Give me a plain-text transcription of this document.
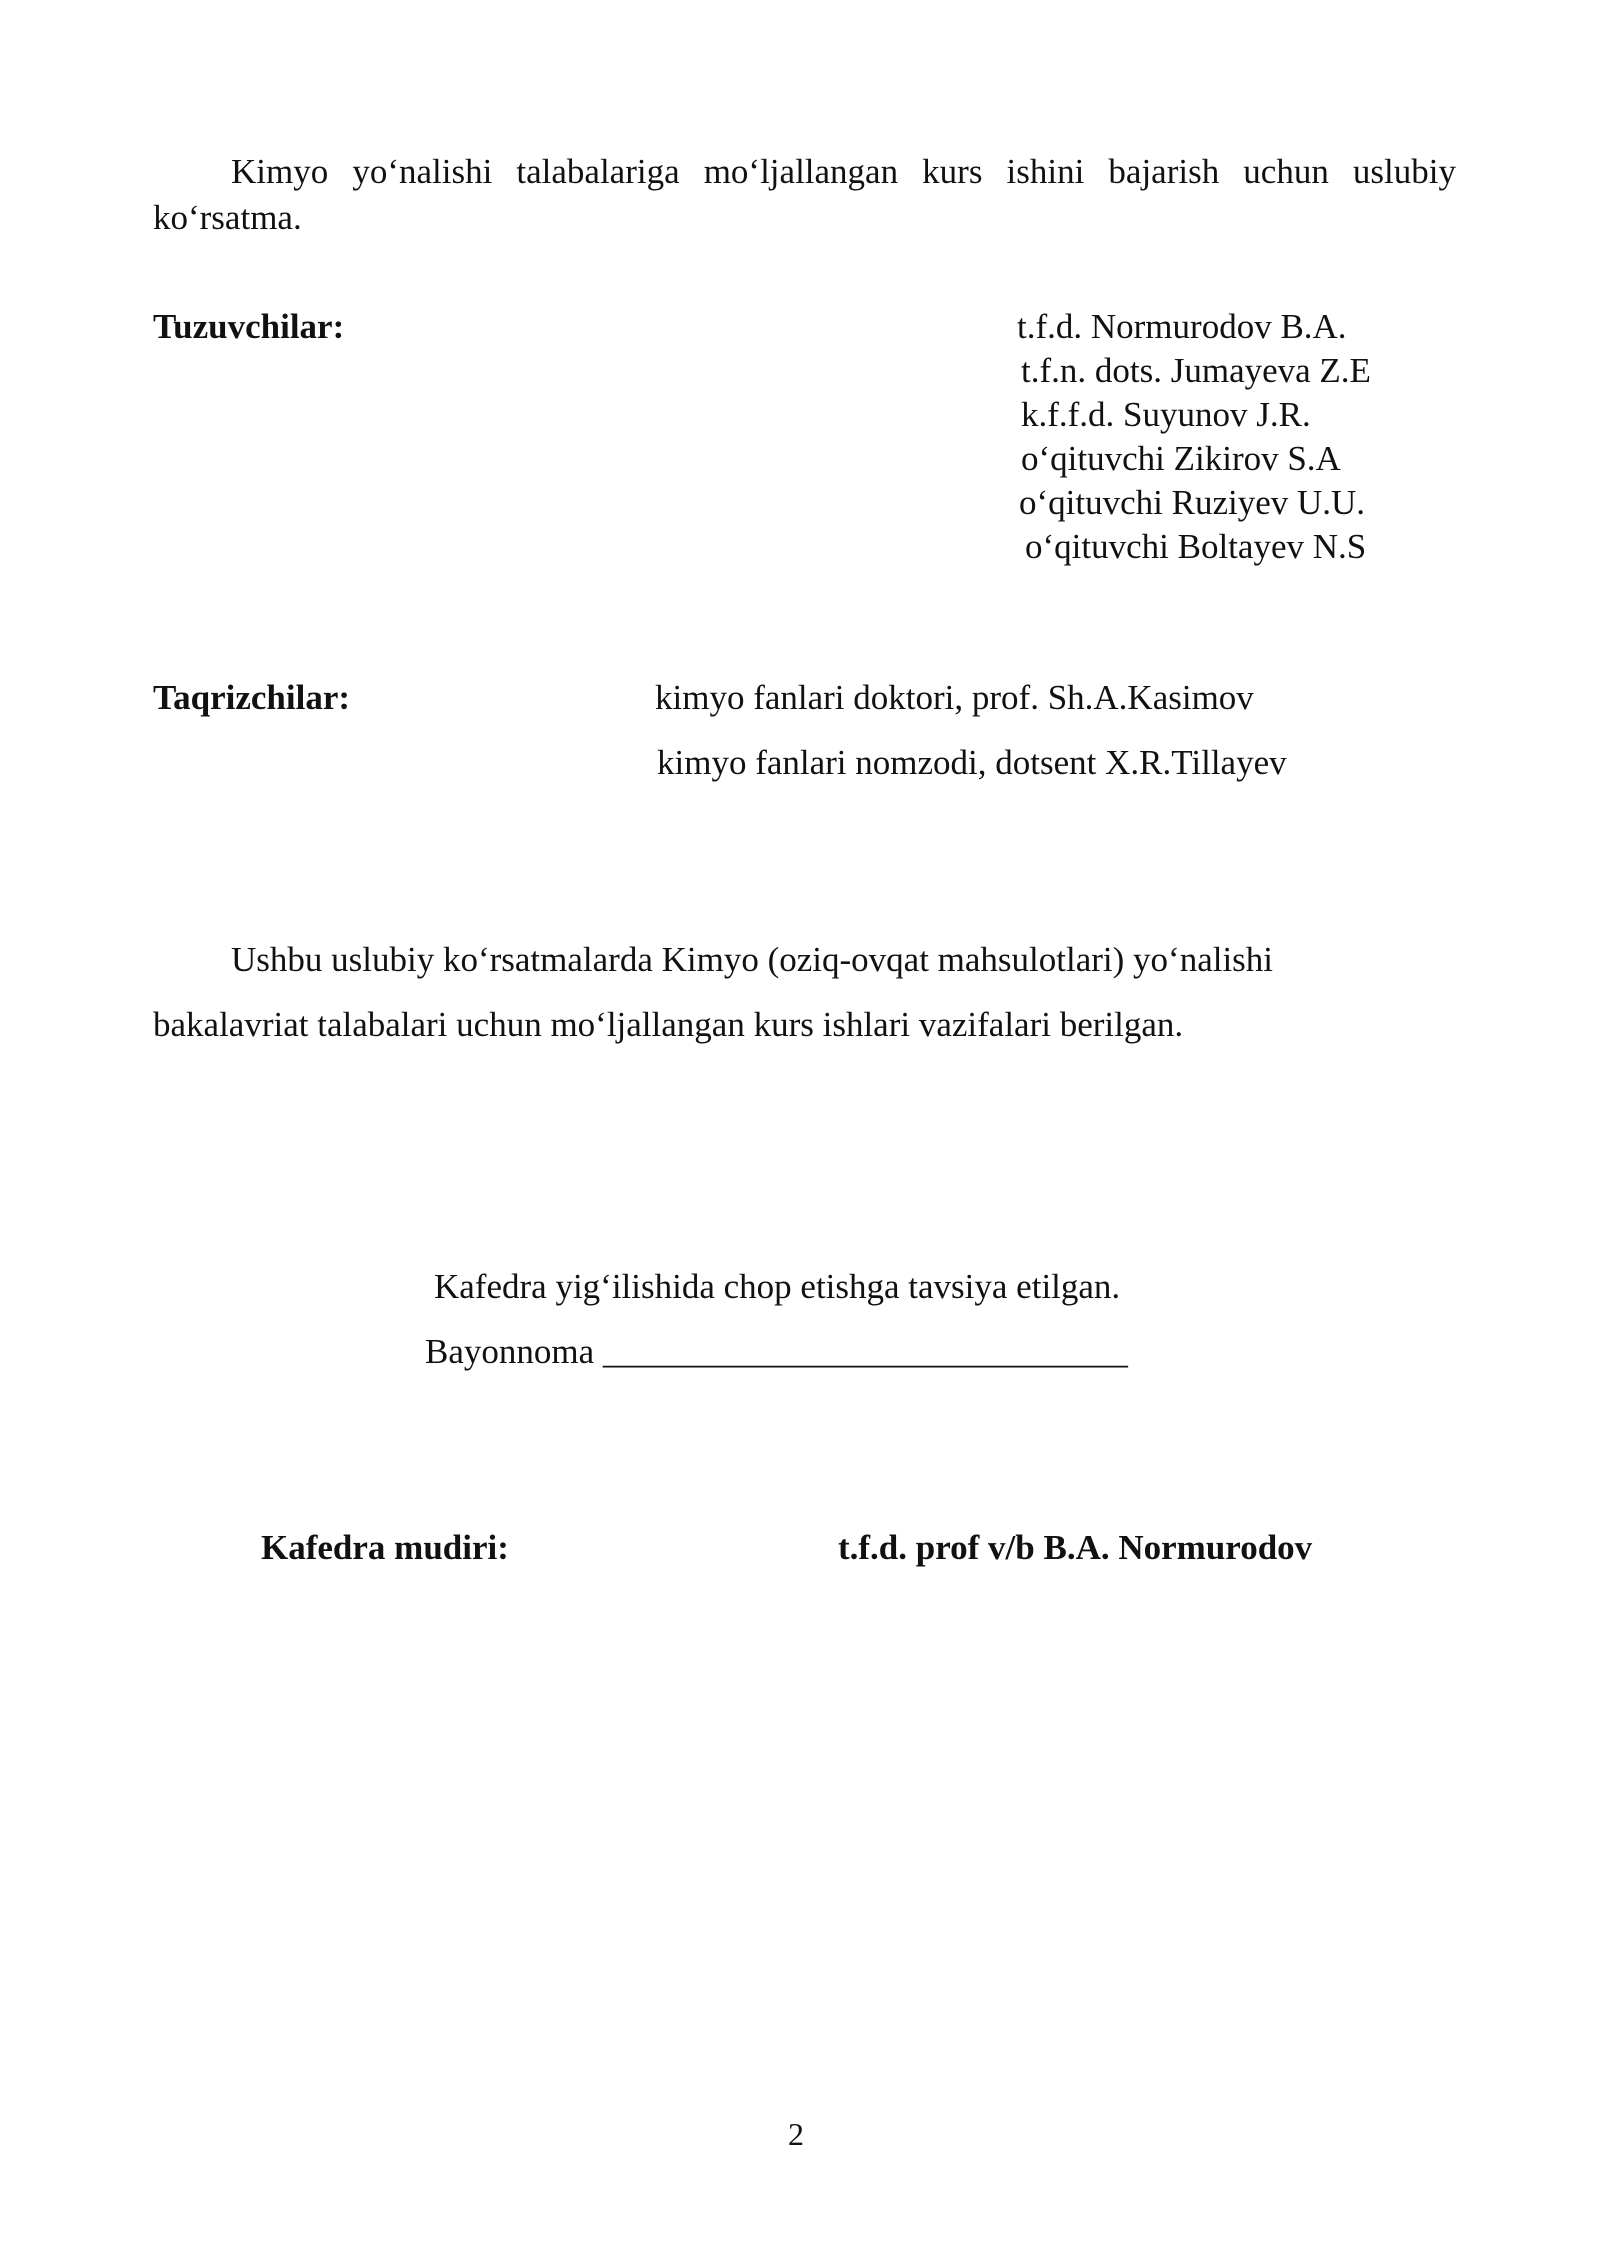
Kimyo yo‘nalishi talabalariga mo‘ljallangan kurs ishini bajarish uchun uslubiy
ko‘rsatma.
Tuzuvchilar:	t.f.d. Normurodov B.A.
t.f.n. dots. Jumayeva Z.E
k.f.f.d. Suyunov J.R.
o‘qituvchi Zikirov S.A
o‘qituvchi Ruziyev U.U.
o‘qituvchi Boltayev N.S
Taqrizchilar:	kimyo fanlari doktori, prof. Sh.A.Kasimov
kimyo fanlari nomzodi, dotsent X.R.Tillayev
Ushbu uslubiy ko‘rsatmalarda Kimyo (oziq-ovqat mahsulotlari) yo‘nalishi
bakalavriat talabalari uchun mo‘ljallangan kurs ishlari vazifalari berilgan.
Kafedra yig‘ilishida chop etishga tavsiya etilgan.
Bayonnoma ______________________________
Kafedra mudiri:	t.f.d. prof v/b B.A. Normurodov
2
